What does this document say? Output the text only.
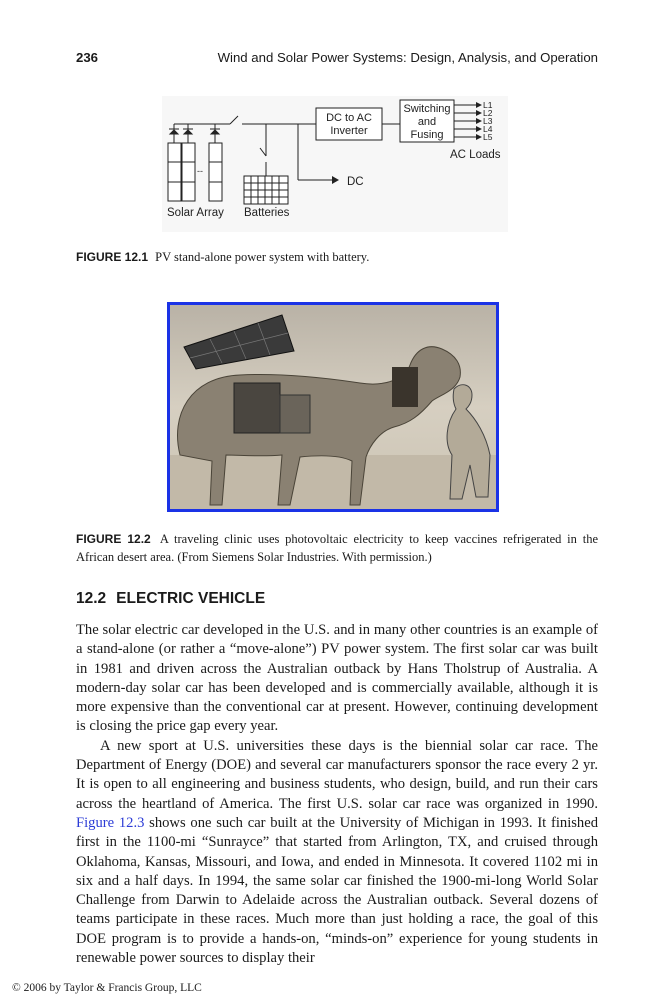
236	Wind and Solar Power Systems: Design, Analysis, and Operation
--
DC to AC
Inverter
Switching
and
Fusing
L1
L2
L3
L4
L5
AC Loads
DC
Solar Array Batteries
FIGURE 12.1 PV stand-alone power system with battery.
FIGURE 12.2 A traveling clinic uses photovoltaic electricity to keep vaccines refrigerated in the African desert area. (From Siemens Solar Industries. With permission.)
12.2 ELECTRIC VEHICLE

The solar electric car developed in the U.S. and in many other countries is an example of a stand-alone (or rather a “move-alone”) PV power system. The first solar car was built in 1981 and driven across the Australian outback by Hans Tholstrup of Australia. A modern-day solar car has been developed and is commercially available, although it is more expensive than the conventional car at present. However, continuing development is closing the price gap every year.

A new sport at U.S. universities these days is the biennial solar car race. The Department of Energy (DOE) and several car manufacturers sponsor the race every 2 yr. It is open to all engineering and business students, who design, build, and run their cars across the heartland of America. The first U.S. solar car race was organized in 1990. Figure 12.3 shows one such car built at the University of Michigan in 1993. It finished first in the 1100-mi “Sunrayce” that started from Arlington, TX, and cruised through Oklahoma, Kansas, Missouri, and Iowa, and ended in Minnesota. It covered 1102 mi in six and a half days. In 1994, the same solar car finished the 1900-mi-long World Solar Challenge from Darwin to Adelaide across the Australian outback. Several dozens of teams participate in these races. Much more than just holding a race, the goal of this DOE program is to provide a hands-on, “minds-on” experience for young students in renewable power sources to display their

© 2006 by Taylor & Francis Group, LLC
